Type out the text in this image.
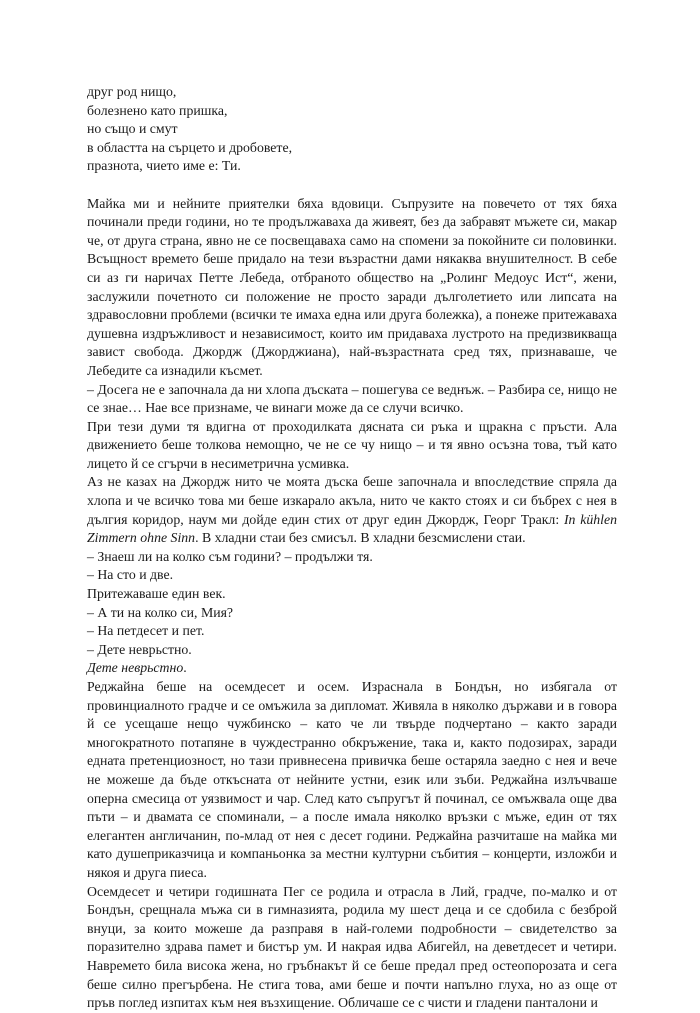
друг род нищо,

болезнено като пришка,

но също и смут

в областта на сърцето и дробовете,

празнота, чието име е: Ти.

Майка ми и нейните приятелки бяха вдовици. Съпрузите на повечето от тях бяха починали преди години, но те продължаваха да живеят, без да забравят мъжете си, макар че, от друга страна, явно не се посвещаваха само на спомени за покойните си половинки. Всъщност времето беше придало на тези възрастни дами някаква внушителност. В себе си аз ги наричах Петте Лебеда, отбраното общество на „Ролинг Медоус Ист“, жени, заслужили почетното си положение не просто заради дълголетието или липсата на здравословни проблеми (всички те имаха една или друга болежка), а понеже притежаваха душевна издръжливост и независимост, които им придаваха лустрото на предизвикваща завист свобода. Джордж (Джорджиана), най-възрастната сред тях, признаваше, че Лебедите са изнадили късмет.

– Досега не е започнала да ни хлопа дъската – пошегува се веднъж. – Разбира се, нищо не се знае… Нае все признаме, че винаги може да се случи всичко.

При тези думи тя вдигна от проходилката дясната си ръка и щракна с пръсти. Ала движението беше толкова немощно, че не се чу нищо – и тя явно осъзна това, тъй като лицето й се сгърчи в несиметрична усмивка.

Аз не казах на Джордж нито че моята дъска беше започнала и впоследствие спряла да хлопа и че всичко това ми беше изкарало акъла, нито че както стоях и си бъбрех с нея в дългия коридор, наум ми дойде един стих от друг един Джордж, Георг Тракл: In kühlen Zimmern ohne Sinn. В хладни стаи без смисъл. В хладни безсмислени стаи.

– Знаеш ли на колко съм години? – продължи тя.

– На сто и две.

Притежаваше един век.

– А ти на колко си, Мия?

– На петдесет и пет.

– Дете неврьстно.

Дете неврьстно.

Реджайна беше на осемдесет и осем. Израснала в Бондън, но избягала от провинциалното градче и се омъжила за дипломат. Живяла в няколко държави и в говора й се усещаше нещо чужбинско – като че ли твърде подчертано – както заради многократното потапяне в чуждестранно обкръжение, така и, както подозирах, заради едната претенциозност, но тази привнесена привичка беше остаряла заедно с нея и вече не можеше да бъде откъсната от нейните устни, език или зъби. Реджайна излъчваше оперна смесица от уязвимост и чар. След като съпругът й починал, се омъжвала още два пъти – и двамата се споминали, – а после имала няколко връзки с мъже, един от тях елегантен англичанин, по-млад от нея с десет години. Реджайна разчиташе на майка ми като душеприказчица и компаньонка за местни културни събития – концерти, изложби и някоя и друга пиеса.

Осемдесет и четири годишната Пег се родила и отрасла в Лий, градче, по-малко и от Бондън, срещнала мъжа си в гимназията, родила му шест деца и се сдобила с безброй внуци, за които можеше да разправя в най-големи подробности – свидетелство за поразително здрава памет и бистър ум. И накрая идва Абигейл, на деветдесет и четири. Навремето била висока жена, но гръбнакът й се беше предал пред остеопорозата и сега беше силно прегърбена. Не стига това, ами беше и почти напълно глуха, но аз още от пръв поглед изпитах към нея възхищение. Обличаше се с чисти и гладени панталони и
